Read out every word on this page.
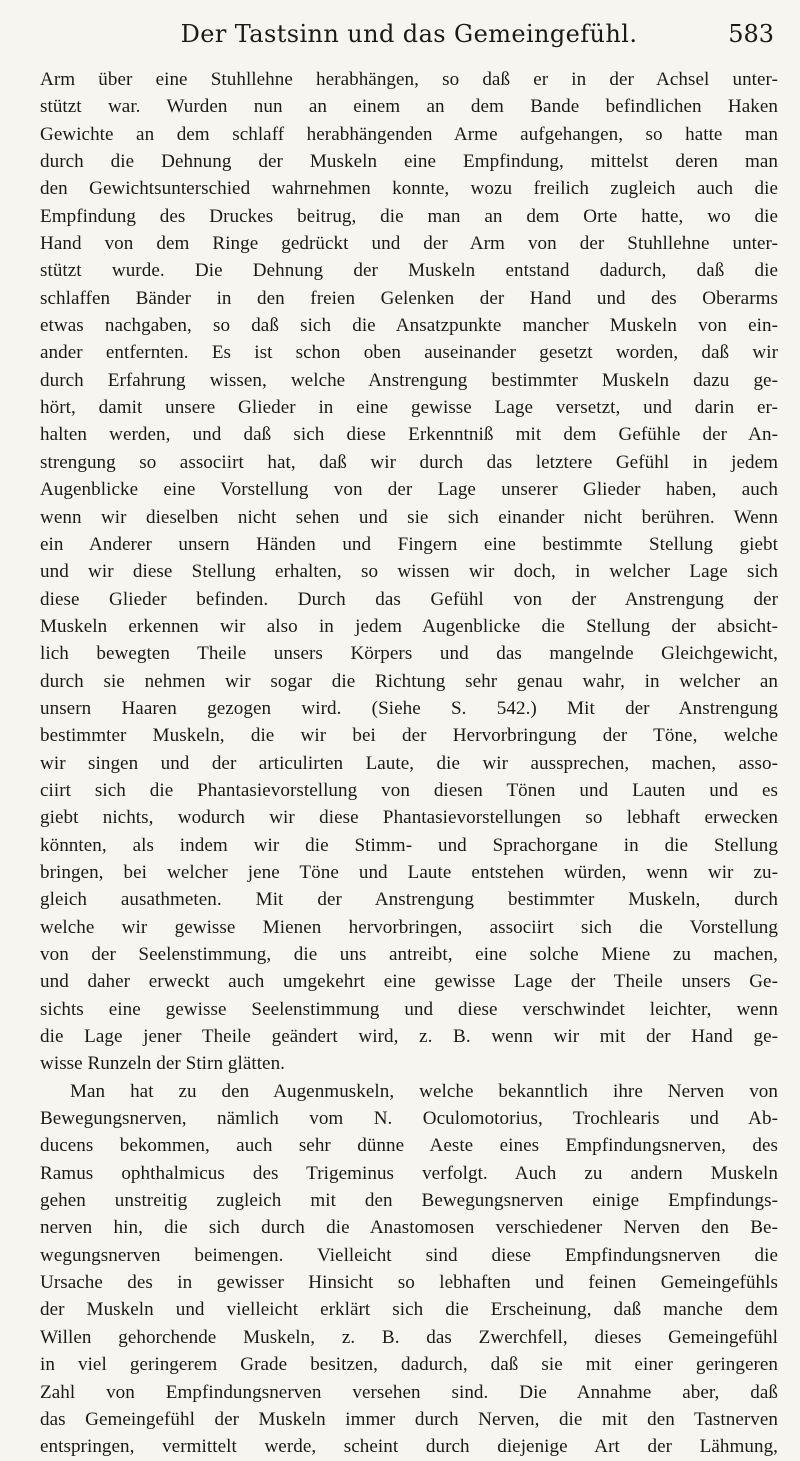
Der Tastsinn und das Gemeingefühl.	583
Arm über eine Stuhllehne herabhängen, so daß er in der Achsel unter-
stützt war. Wurden nun an einem an dem Bande befindlichen Haken
Gewichte an dem schlaff herabhängenden Arme aufgehangen, so hatte man
durch die Dehnung der Muskeln eine Empfindung, mittelst deren man
den Gewichtsunterschied wahrnehmen konnte, wozu freilich zugleich auch die
Empfindung des Druckes beitrug, die man an dem Orte hatte, wo die
Hand von dem Ringe gedrückt und der Arm von der Stuhllehne unter-
stützt wurde. Die Dehnung der Muskeln entstand dadurch, daß die
schlaffen Bänder in den freien Gelenken der Hand und des Oberarms
etwas nachgaben, so daß sich die Ansatzpunkte mancher Muskeln von ein-
ander entfernten. Es ist schon oben auseinander gesetzt worden, daß wir
durch Erfahrung wissen, welche Anstrengung bestimmter Muskeln dazu ge-
hört, damit unsere Glieder in eine gewisse Lage versetzt, und darin er-
halten werden, und daß sich diese Erkenntniß mit dem Gefühle der An-
strengung so associirt hat, daß wir durch das letztere Gefühl in jedem
Augenblicke eine Vorstellung von der Lage unserer Glieder haben, auch
wenn wir dieselben nicht sehen und sie sich einander nicht berühren. Wenn
ein Anderer unsern Händen und Fingern eine bestimmte Stellung giebt
und wir diese Stellung erhalten, so wissen wir doch, in welcher Lage sich
diese Glieder befinden. Durch das Gefühl von der Anstrengung der
Muskeln erkennen wir also in jedem Augenblicke die Stellung der absicht-
lich bewegten Theile unsers Körpers und das mangelnde Gleichgewicht,
durch sie nehmen wir sogar die Richtung sehr genau wahr, in welcher an
unsern Haaren gezogen wird. (Siehe S. 542.) Mit der Anstrengung
bestimmter Muskeln, die wir bei der Hervorbringung der Töne, welche
wir singen und der articulirten Laute, die wir aussprechen, machen, asso-
ciirt sich die Phantasievorstellung von diesen Tönen und Lauten und es
giebt nichts, wodurch wir diese Phantasievorstellungen so lebhaft erwecken
könnten, als indem wir die Stimm- und Sprachorgane in die Stellung
bringen, bei welcher jene Töne und Laute entstehen würden, wenn wir zu-
gleich ausathmeten. Mit der Anstrengung bestimmter Muskeln, durch
welche wir gewisse Mienen hervorbringen, associirt sich die Vorstellung
von der Seelenstimmung, die uns antreibt, eine solche Miene zu machen,
und daher erweckt auch umgekehrt eine gewisse Lage der Theile unsers Ge-
sichts eine gewisse Seelenstimmung und diese verschwindet leichter, wenn
die Lage jener Theile geändert wird, z. B. wenn wir mit der Hand ge-
wisse Runzeln der Stirn glätten.
Man hat zu den Augenmuskeln, welche bekanntlich ihre Nerven von
Bewegungsnerven, nämlich vom N. Oculomotorius, Trochlearis und Ab-
ducens bekommen, auch sehr dünne Aeste eines Empfindungsnerven, des
Ramus ophthalmicus des Trigeminus verfolgt. Auch zu andern Muskeln
gehen unstreitig zugleich mit den Bewegungsnerven einige Empfindungs-
nerven hin, die sich durch die Anastomosen verschiedener Nerven den Be-
wegungsnerven beimengen. Vielleicht sind diese Empfindungsnerven die
Ursache des in gewisser Hinsicht so lebhaften und feinen Gemeingefühls
der Muskeln und vielleicht erklärt sich die Erscheinung, daß manche dem
Willen gehorchende Muskeln, z. B. das Zwerchfell, dieses Gemeingefühl
in viel geringerem Grade besitzen, dadurch, daß sie mit einer geringeren
Zahl von Empfindungsnerven versehen sind. Die Annahme aber, daß
das Gemeingefühl der Muskeln immer durch Nerven, die mit den Tastnerven
entspringen, vermittelt werde, scheint durch diejenige Art der Lähmung,
